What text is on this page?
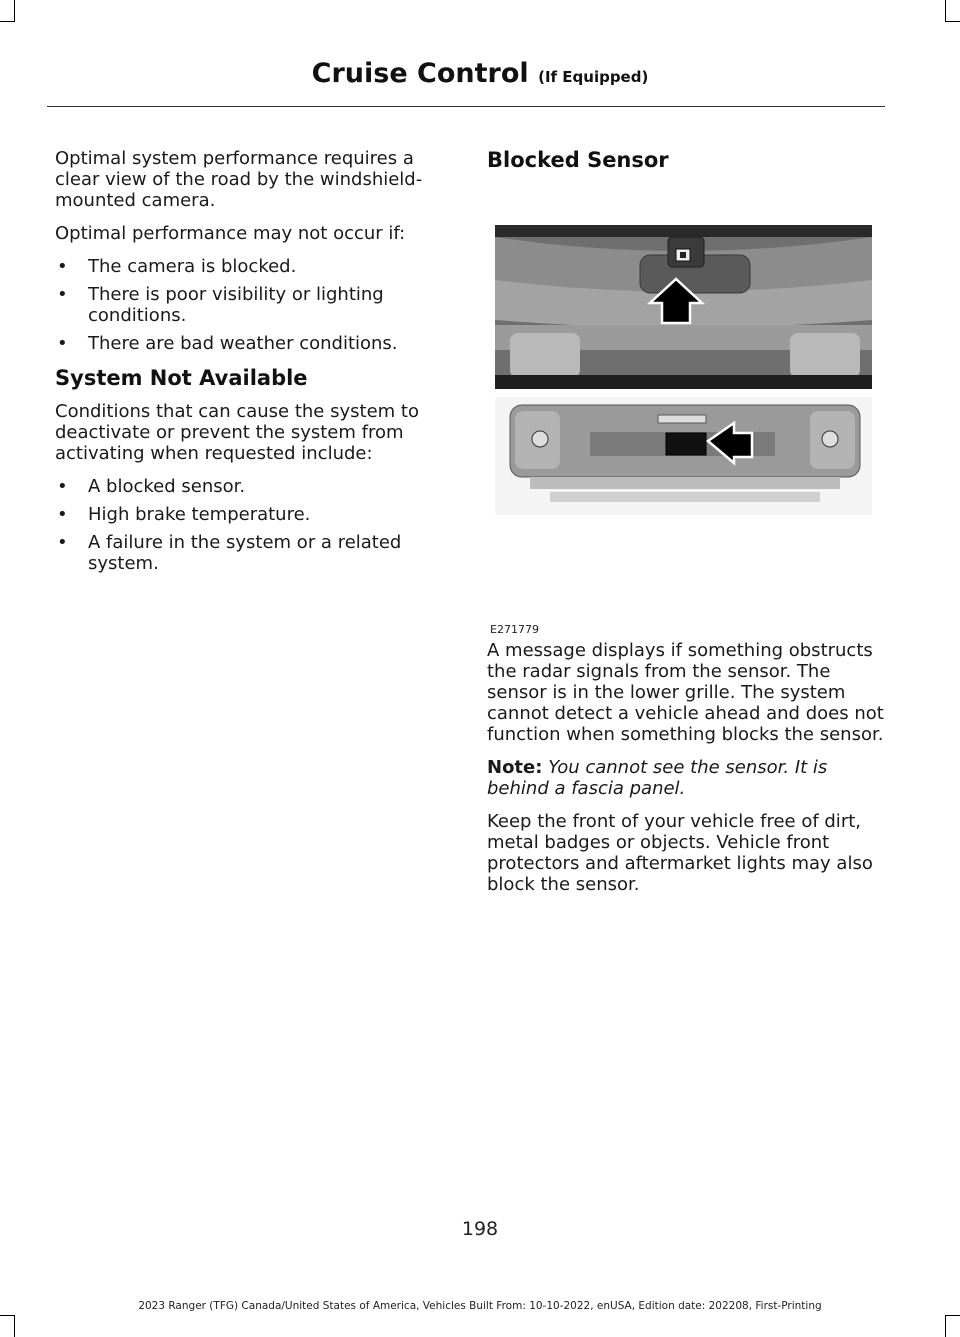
Cruise Control (If Equipped)

Optimal system performance requires a clear view of the road by the windshield-mounted camera.

Optimal performance may not occur if:

• The camera is blocked.
• There is poor visibility or lighting conditions.
• There are bad weather conditions.
System Not Available

Conditions that can cause the system to deactivate or prevent the system from activating when requested include:

• A blocked sensor.
• High brake temperature.
• A failure in the system or a related system.
Blocked Sensor
E271779

A message displays if something obstructs the radar signals from the sensor. The sensor is in the lower grille. The system cannot detect a vehicle ahead and does not function when something blocks the sensor.

Note: You cannot see the sensor. It is behind a fascia panel.

Keep the front of your vehicle free of dirt, metal badges or objects. Vehicle front protectors and aftermarket lights may also block the sensor.

198
2023 Ranger (TFG) Canada/United States of America, Vehicles Built From: 10-10-2022, enUSA, Edition date: 202208, First-Printing
